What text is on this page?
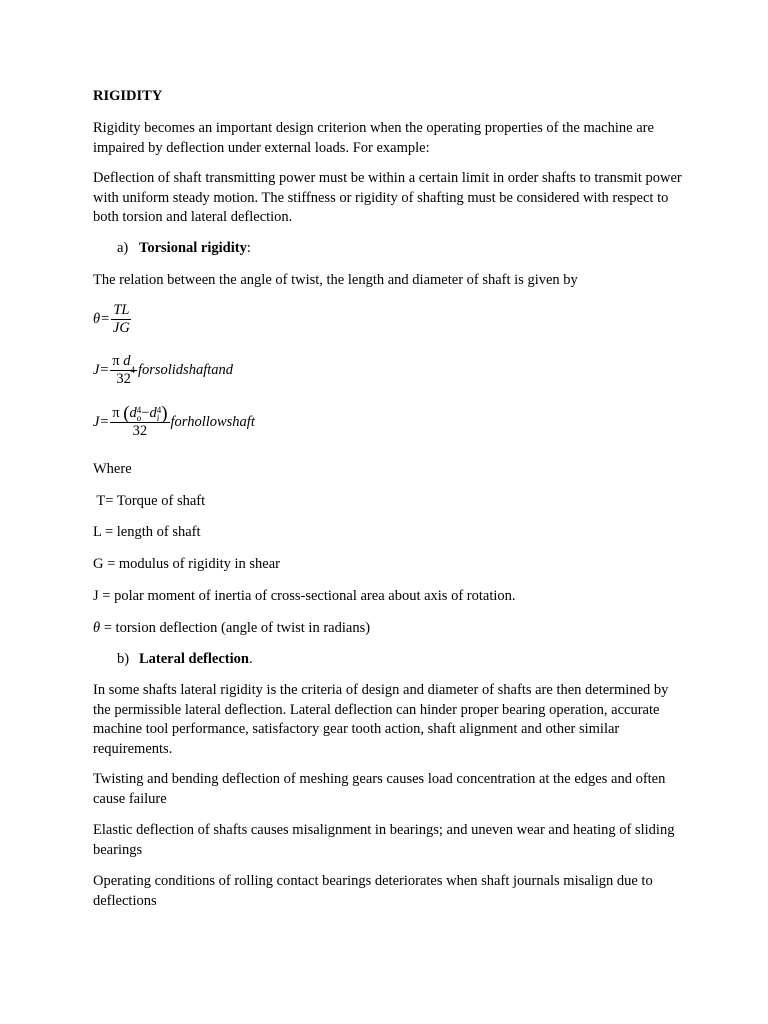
RIGIDITY

Rigidity becomes an important design criterion when the operating properties of the machine are impaired by deflection under external loads. For example:

Deflection of shaft transmitting power must be within a certain limit in order shafts to transmit power with uniform steady motion. The stiffness or rigidity of shafting must be considered with respect to both torsion and lateral deflection.

a) Torsional rigidity:

The relation between the angle of twist, the length and diameter of shaft is given by

$\theta= \frac{TL}{JG}$
J= π
d
4
32 forsolidshaftand
J= π
( d 4
o − d 4
i )
32 forhollowshaft

Where

T= Torque of shaft

L = length of shaft

G = modulus of rigidity in shear

J = polar moment of inertia of cross-sectional area about axis of rotation.

θ = torsion deflection (angle of twist in radians)

b) Lateral deflection.

In some shafts lateral rigidity is the criteria of design and diameter of shafts are then determined by the permissible lateral deflection. Lateral deflection can hinder proper bearing operation, accurate machine tool performance, satisfactory gear tooth action, shaft alignment and other similar requirements.

Twisting and bending deflection of meshing gears causes load concentration at the edges and often cause failure

Elastic deflection of shafts causes misalignment in bearings; and uneven wear and heating of sliding bearings

Operating conditions of rolling contact bearings deteriorates when shaft journals misalign due to deflections
